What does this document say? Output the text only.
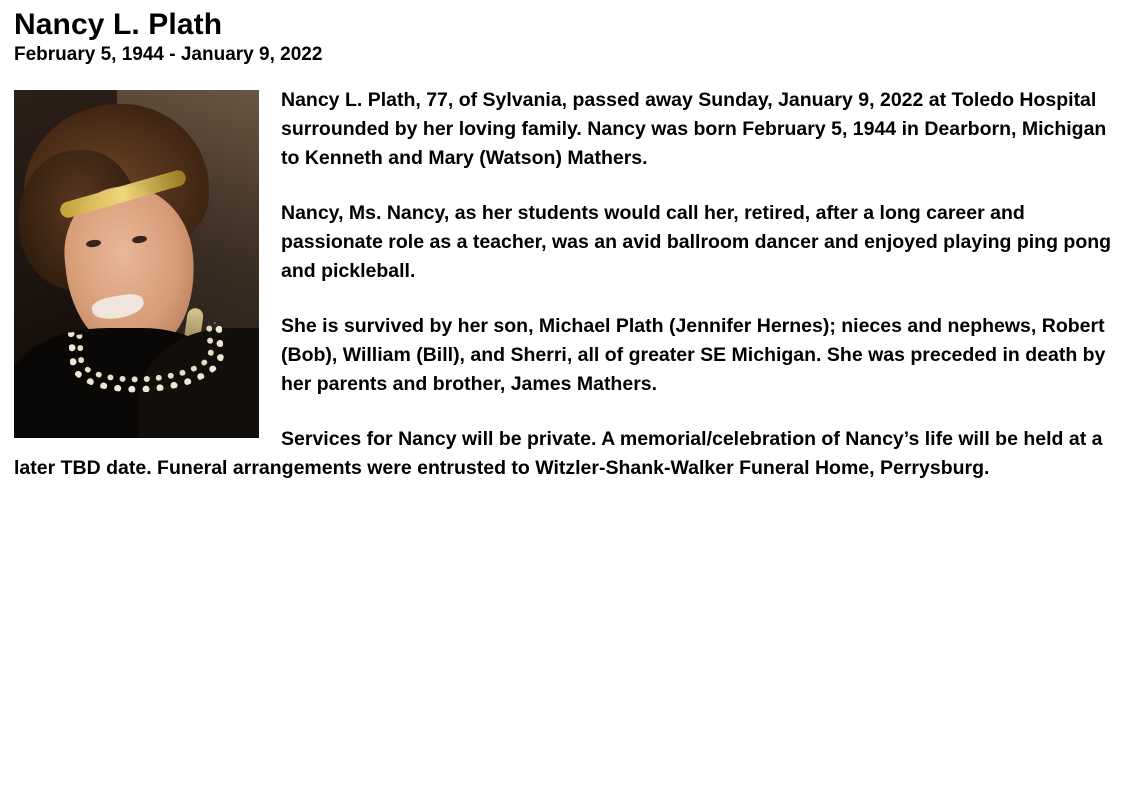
Nancy L. Plath
February 5, 1944 - January 9, 2022

Nancy L. Plath, 77, of Sylvania, passed away Sunday, January 9, 2022 at Toledo Hospital surrounded by her loving family. Nancy was born February 5, 1944 in Dearborn, Michigan to Kenneth and Mary (Watson) Mathers.

Nancy, Ms. Nancy, as her students would call her, retired, after a long career and passionate role as a teacher, was an avid ballroom dancer and enjoyed playing ping pong and pickleball.

She is survived by her son, Michael Plath (Jennifer Hernes); nieces and nephews, Robert (Bob), William (Bill), and Sherri, all of greater SE Michigan. She was preceded in death by her parents and brother, James Mathers.

Services for Nancy will be private. A memorial/celebration of Nancy’s life will be held at a later TBD date. Funeral arrangements were entrusted to Witzler-Shank-Walker Funeral Home, Perrysburg.
